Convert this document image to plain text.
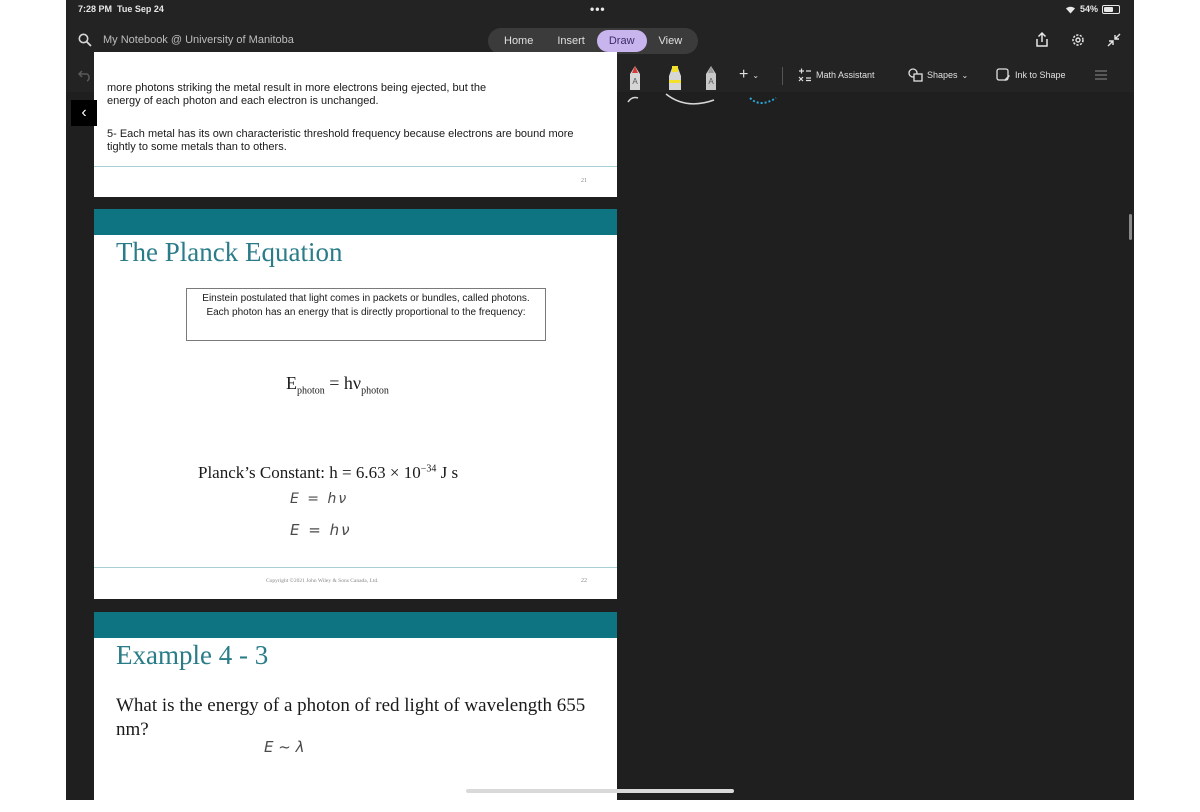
7:28 PM Tue Sep 24	•••	54%
My Notebook @ University of Manitoba	Home	Insert	Draw	View
A	A + ⌄	Math Assistant	Shapes ⌄	Ink to Shape
more photons striking the metal result in more electrons being ejected, but the
energy of each photon and each electron is unchanged.
5- Each metal has its own characteristic threshold frequency because electrons are bound more tightly to some metals than to others.
21
The Planck Equation
Einstein postulated that light comes in packets or bundles, called photons. Each photon has an energy that is directly proportional to the frequency:
$E_{photon} = h\nu_{photon}$
Planck’s Constant: $h = 6.63 \times 10^{-34}$ J s
E = hν
E = hν
Copyright ©2021 John Wiley & Sons Canada, Ltd.	22
Example 4 - 3
What is the energy of a photon of red light of wavelength 655 nm?
E ~ λ
‹
